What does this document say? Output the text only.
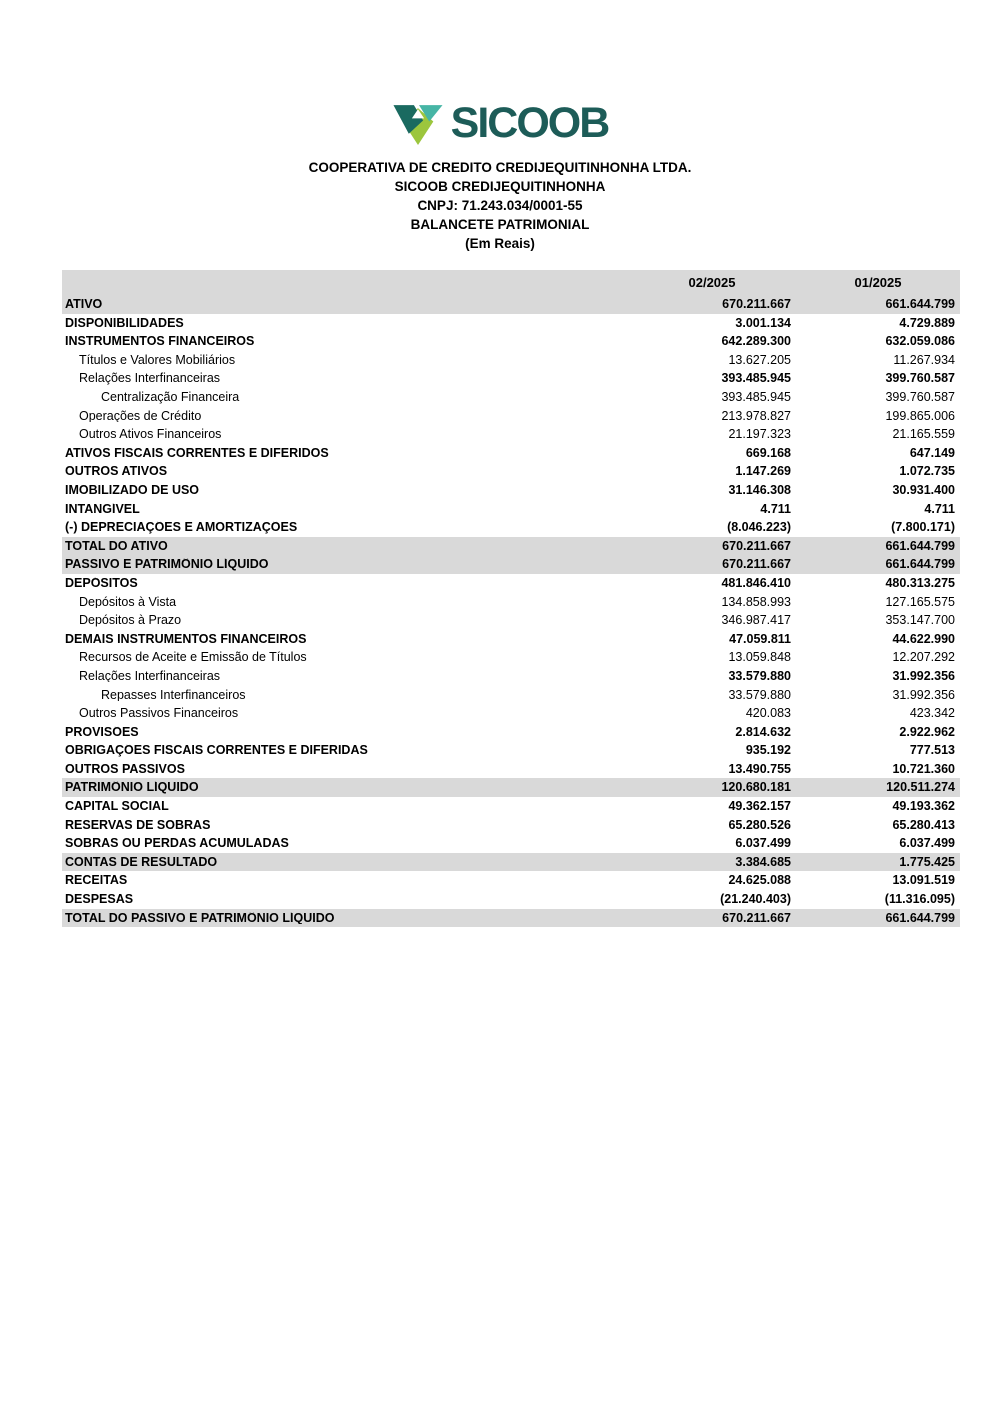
SICOOB
COOPERATIVA DE CREDITO CREDIJEQUITINHONHA LTDA.
SICOOB CREDIJEQUITINHONHA
CNPJ: 71.243.034/0001-55
BALANCETE PATRIMONIAL
(Em Reais)
02/2025	01/2025
ATIVO	670.211.667	661.644.799
DISPONIBILIDADES	3.001.134	4.729.889
INSTRUMENTOS FINANCEIROS	642.289.300	632.059.086
Títulos e Valores Mobiliários	13.627.205	11.267.934
Relações Interfinanceiras	393.485.945	399.760.587
Centralização Financeira	393.485.945	399.760.587
Operações de Crédito	213.978.827	199.865.006
Outros Ativos Financeiros	21.197.323	21.165.559
ATIVOS FISCAIS CORRENTES E DIFERIDOS	669.168	647.149
OUTROS ATIVOS	1.147.269	1.072.735
IMOBILIZADO DE USO	31.146.308	30.931.400
INTANGÍVEL	4.711	4.711
(-) DEPRECIAÇÕES E AMORTIZAÇÕES	(8.046.223)	(7.800.171)
TOTAL DO ATIVO	670.211.667	661.644.799
PASSIVO E PATRIMÔNIO LÍQUIDO	670.211.667	661.644.799
DEPÓSITOS	481.846.410	480.313.275
Depósitos à Vista	134.858.993	127.165.575
Depósitos à Prazo	346.987.417	353.147.700
DEMAIS INSTRUMENTOS FINANCEIROS	47.059.811	44.622.990
Recursos de Aceite e Emissão de Títulos	13.059.848	12.207.292
Relações Interfinanceiras	33.579.880	31.992.356
Repasses Interfinanceiros	33.579.880	31.992.356
Outros Passivos Financeiros	420.083	423.342
PROVISÕES	2.814.632	2.922.962
OBRIGAÇÕES FISCAIS CORRENTES E DIFERIDAS	935.192	777.513
OUTROS PASSIVOS	13.490.755	10.721.360
PATRIMÔNIO LÍQUIDO	120.680.181	120.511.274
CAPITAL SOCIAL	49.362.157	49.193.362
RESERVAS DE SOBRAS	65.280.526	65.280.413
SOBRAS OU PERDAS ACUMULADAS	6.037.499	6.037.499
CONTAS DE RESULTADO	3.384.685	1.775.425
RECEITAS	24.625.088	13.091.519
DESPESAS	(21.240.403)	(11.316.095)
TOTAL DO PASSIVO E PATRIMÔNIO LÍQUIDO	670.211.667	661.644.799
